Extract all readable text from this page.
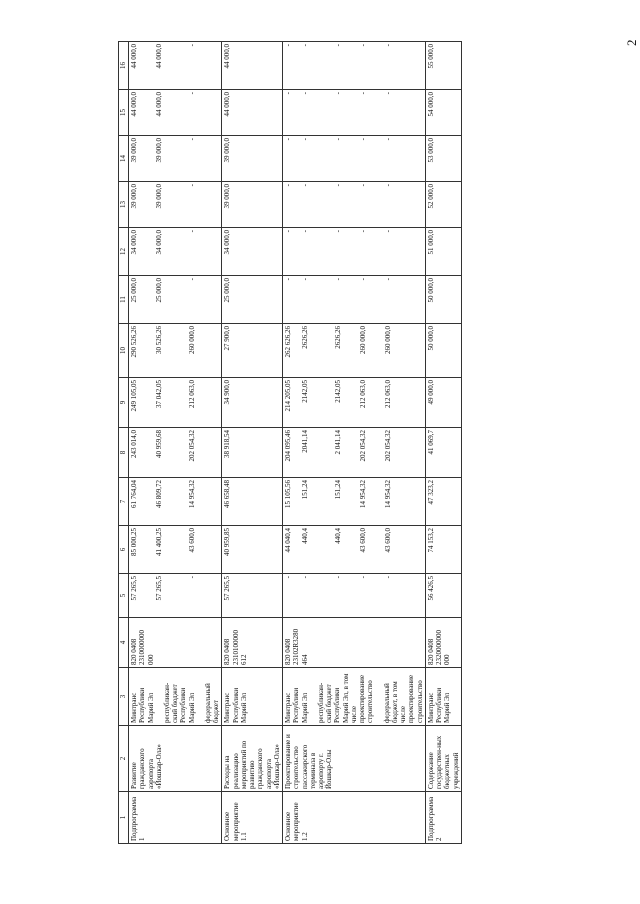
2
1	2	3	4	5	6	7	8	9	10	11	12	13	14	15	16
Подпрограмма 1	Развитие гражданского аэропорта «Йошкар-Ола»	Минтранс Республики Марий Эл республикан-ский бюджет Республики Марий Эл федеральный бюджет	820 0408 2310000000 000	57 265,5 57 265,5 -	85 000,25 41 400,25 43 600,0	61 764,04 46 809,72 14 954,32	243 014,0 40 959,68 202 054,32	249 105,05 37 042,05 212 063,0	290 526,26 30 526,26 260 000,0	25 000,0 25 000,0 -	34 000,0 34 000,0 -	39 000,0 39 000,0 -	39 000,0 39 000,0 -	44 000,0 44 000,0 -	44 000,0 44 000,0 -

Основное мероприятие 1.1	Расходы на реализацию мероприятий по развитию гражданского аэропорта «Йошкар-Ола»	Минтранс Республики Марий Эл	820 0408 2310100000 612	57 265,5	40 959,85	46 658,48	38 918,54	34 900,0	27 900,0	25 000,0	34 000,0	39 000,0	39 000,0	44 000,0	44 000,0
Основное мероприятие 1.2	Проектирование и строительство пассажирского терминала в аэропорту г. Йошкар-Олы	Минтранс Республики Марий Эл республикан-ский бюджет Республики Марий Эл, в том числе проектирование строительство федеральный бюджет, в том числе проектирование строительство	820 0408 23102R3280 464	- - - - -	44 040,4 440,4 440,4 43 600,0 43 600,0	15 105,56 151,24 151,24 14 954,32 14 954,32	204 095,46 2041,14 2 041,14 202 054,32 202 054,32	214 205,05 2142,05 2142,05 212 063,0 212 063,0	262 626,26 2626,26 2626,26 260 000,0 260 000,0	- - - - -	- - - - -	- - - - -	- - - - -	- - - - -	- - - - -

Подпрограмма 2	Содержание государствен-ных бюджетных учреждений	Минтранс Республики Марий Эл	820 0408 2320000000 000	56 426,5	74 153,2	47 323,2	41 069,7	49 000,0	50 000,0	50 000,0	51 000,0	52 000,0	53 000,0	54 000,0	55 000,0
